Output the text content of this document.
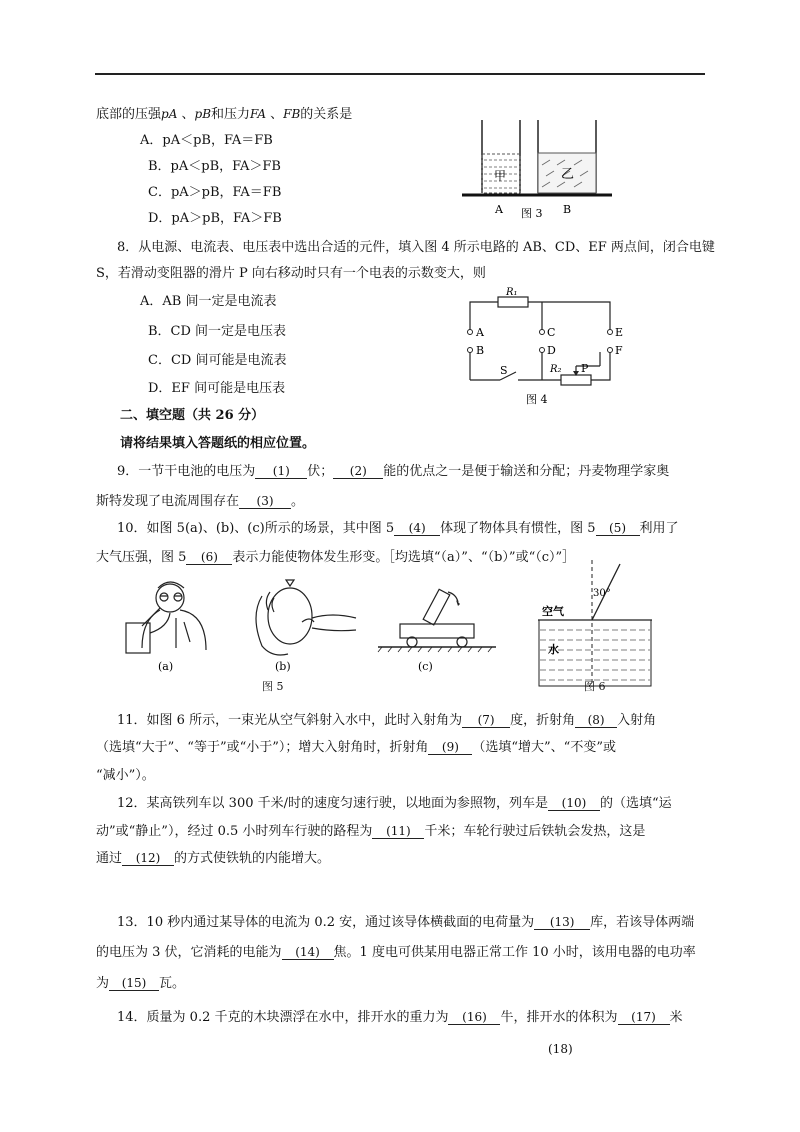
底部的压强pA 、pB和压力FA 、FB的关系是
A．pA＜pB，FA＝FB
B．pA＜pB，FA＞FB
C．pA＞pB，FA＝FB
D．pA＞pB，FA＞FB
甲	乙
A	B
图 3
8．从电源、电流表、电压表中选出合适的元件，填入图 4 所示电路的 AB、CD、EF 两点间，闭合电键
S，若滑动变阻器的滑片 P 向右移动时只有一个电表的示数变大，则
A．AB 间一定是电流表
B．CD 间一定是电压表
C．CD 间可能是电流表
D．EF 间可能是电压表
R₁
A
B
C
D
E
F
S	R₂ P
图 4
二、填空题（共 26 分）
请将结果填入答题纸的相应位置。
9．一节干电池的电压为 (1) 伏； (2) 能的优点之一是便于输送和分配；丹麦物理学家奥
斯特发现了电流周围存在 (3) 。
10．如图 5(a)、(b)、(c)所示的场景，其中图 5 (4) 体现了物体具有惯性，图 5 (5) 利用了
大气压强，图 5 (6) 表示力能使物体发生形变。［均选填“（a）”、“（b）”或“（c）”］
(a)	(b)	(c)
图 5
30°
空气
水
图 6
11．如图 6 所示，一束光从空气斜射入水中，此时入射角为 (7) 度，折射角 (8) 入射角
（选填“大于”、“等于”或“小于”）；增大入射角时，折射角 (9) （选填“增大”、“不变”或
“减小”）。
12．某高铁列车以 300 千米/时的速度匀速行驶，以地面为参照物，列车是 (10) 的（选填“运
动”或“静止”），经过 0.5 小时列车行驶的路程为 (11) 千米；车轮行驶过后铁轨会发热，这是
通过 (12) 的方式使铁轨的内能增大。
13．10 秒内通过某导体的电流为 0.2 安，通过该导体横截面的电荷量为 (13) 库，若该导体两端
的电压为 3 伏，它消耗的电能为 (14) 焦。1 度电可供某用电器正常工作 10 小时，该用电器的电功率
为 (15) 瓦。
14．质量为 0.2 千克的木块漂浮在水中，排开水的重力为 (16) 牛，排开水的体积为 (17) 米
(18)
